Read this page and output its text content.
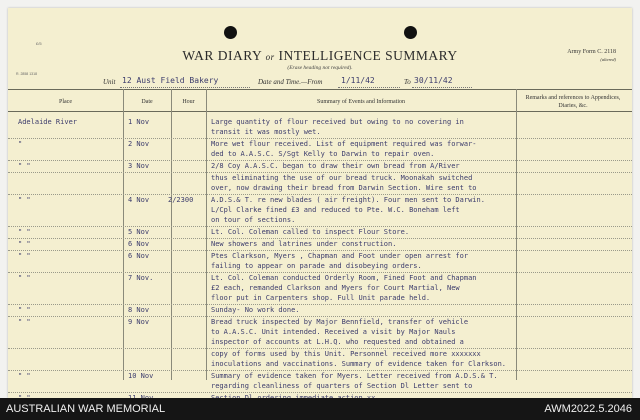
£/5
WAR DIARY or INTELLIGENCE SUMMARY
(Erase heading not required).
Army Form C. 2118
(altered)
R. 2858 1318
Unit 12 Aust Field Bakery	Date and Time.—From 1/11/42	To 30/11/42
Place	Date	Hour	Summary of Events and Information
Remarks and references to Appendices, Diaries, &c.
Adelaide River	1 Nov	Large quantity of flour received but owing to no covering in
transit it was mostly wet.
"	2 Nov	More wet flour received. List of equipment required was forwar-
ded to A.A.S.C. S/Sgt Kelly to Darwin to repair oven.
" "	3 Nov	2/8 Coy A.A.S.C. began to draw their own bread from A/River
thus eliminating the use of our bread truck. Moonakah switched
over, now drawing their bread from Darwin Section. Wire sent to
" "	4 Nov	2/2300	A.D.S.& T. re new blades ( air freight). Four men sent to Darwin.
L/Cpl Clarke fined £3 and reduced to Pte. W.C. Boneham left
on tour of sections.
" "	5 Nov	Lt. Col. Coleman called to inspect Flour Store.
" "	6 Nov	New showers and latrines under construction.
" "	6 Nov	Ptes Clarkson, Myers , Chapman and Foot under open arrest for
failing to appear on parade and disobeying orders.
" "	7 Nov.	Lt. Col. Coleman conducted Orderly Room, Fined Foot and Chapman
£2 each, remanded Clarkson and Myers for Court Martial, New
floor put in Carpenters shop. Full Unit parade held.
" "	8 Nov	Sunday- No work done.
" "	9 Nov	Bread truck inspected by Major Bennfield, transfer of vehicle
to A.A.S.C. Unit intended. Received a visit by Major Nauls
inspector of accounts at L.H.Q. who requested and obtained a
copy of forms used by this Unit. Personnel received more xxxxxxx
inoculations and vaccinations. Summary of evidence taken for Clarkson.
" "	10 Nov	Summary of evidence taken for Myers. Letter received from A.D.S.& T.
regarding cleanliness of quarters of Section Dl Letter sent to
AUSTRALIAN WAR MEMORIAL	AWM2022.5.2046
